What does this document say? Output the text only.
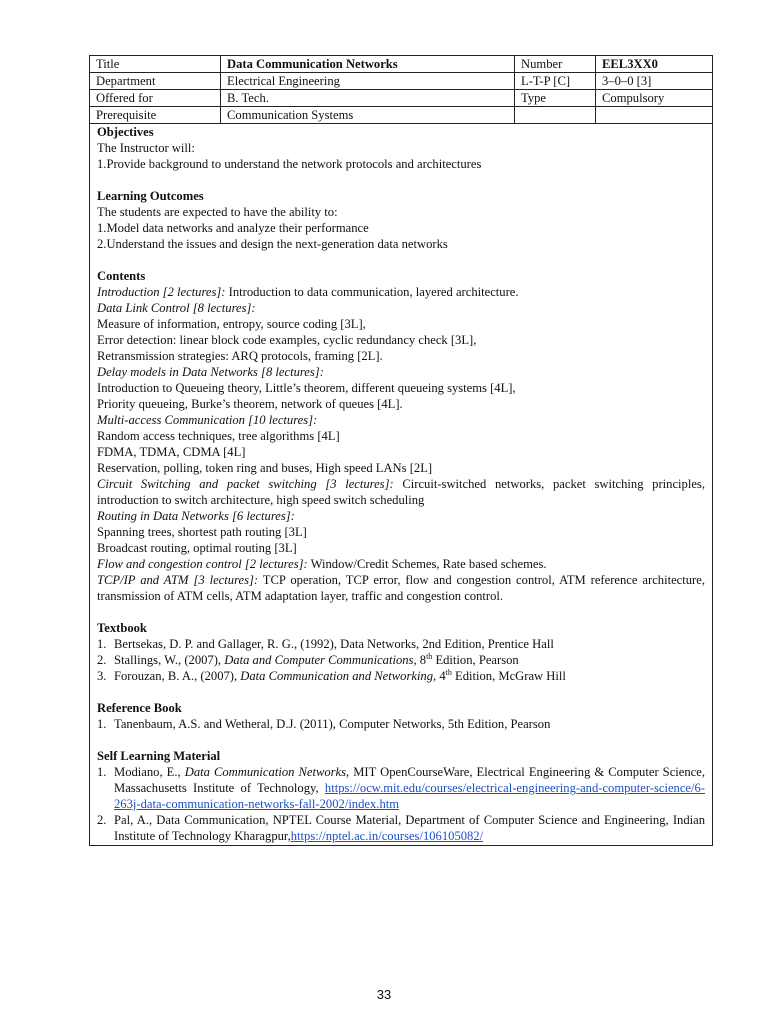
Title	Data Communication Networks	Number	EEL3XX0
Department	Electrical Engineering	L-T-P [C]	3–0–0 [3]
Offered for	B. Tech.	Type	Compulsory
Prerequisite	Communication Systems		

Objectives

The Instructor will:

1.Provide background to understand the network protocols and architectures

Learning Outcomes

The students are expected to have the ability to:

1.Model data networks and analyze their performance

2.Understand the issues and design the next-generation data networks

Contents

Introduction [2 lectures]: Introduction to data communication, layered architecture.

Data Link Control [8 lectures]:

Measure of information, entropy, source coding [3L],

Error detection: linear block code examples, cyclic redundancy check [3L],

Retransmission strategies: ARQ protocols, framing [2L].

Delay models in Data Networks [8 lectures]:

Introduction to Queueing theory, Little’s theorem, different queueing systems [4L],

Priority queueing, Burke’s theorem, network of queues [4L].

Multi-access Communication [10 lectures]:

Random access techniques, tree algorithms [4L]

FDMA, TDMA, CDMA [4L]

Reservation, polling, token ring and buses, High speed LANs [2L]

Circuit Switching and packet switching [3 lectures]: Circuit-switched networks, packet switching principles, introduction to switch architecture, high speed switch scheduling

Routing in Data Networks [6 lectures]:

Spanning trees, shortest path routing [3L]

Broadcast routing, optimal routing [3L]

Flow and congestion control [2 lectures]: Window/Credit Schemes, Rate based schemes.

TCP/IP and ATM [3 lectures]: TCP operation, TCP error, flow and congestion control, ATM reference architecture, transmission of ATM cells, ATM adaptation layer, traffic and congestion control.

Textbook

1. Bertsekas, D. P. and Gallager, R. G., (1992), Data Networks, 2nd Edition, Prentice Hall
2. Stallings, W., (2007), Data and Computer Communications, 8th Edition, Pearson
3. Forouzan, B. A., (2007), Data Communication and Networking, 4th Edition, McGraw Hill

Reference Book

1. Tanenbaum, A.S. and Wetheral, D.J. (2011), Computer Networks, 5th Edition, Pearson

Self Learning Material

1. Modiano, E., Data Communication Networks, MIT OpenCourseWare, Electrical Engineering & Computer Science, Massachusetts Institute of Technology, https://ocw.mit.edu/courses/electrical-engineering-and-computer-science/6-263j-data-communication-networks-fall-2002/index.htm
2. Pal, A., Data Communication, NPTEL Course Material, Department of Computer Science and Engineering, Indian Institute of Technology Kharagpur,https://nptel.ac.in/courses/106105082/
33
